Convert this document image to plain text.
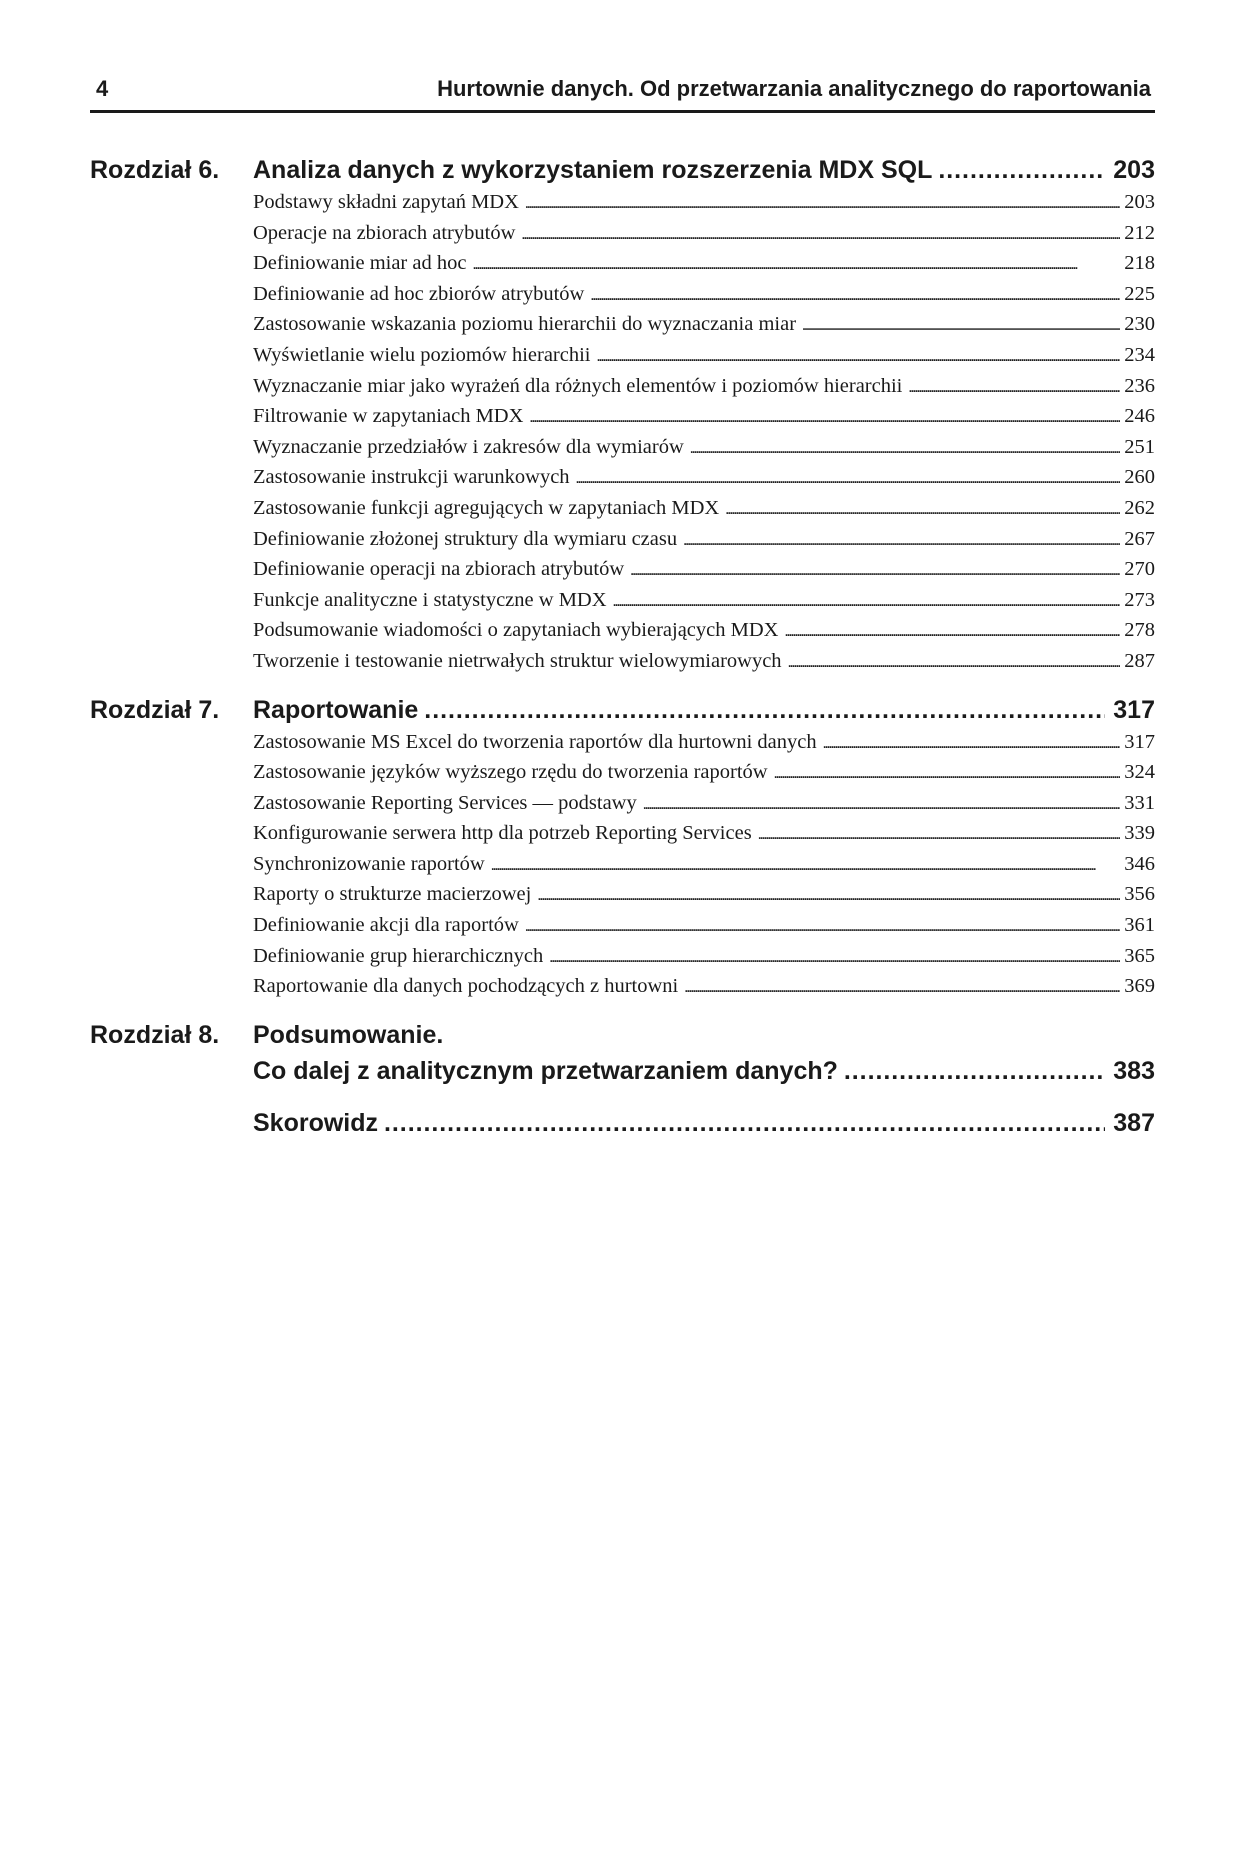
4	Hurtownie danych. Od przetwarzania analitycznego do raportowania
Rozdział 6.	Analiza danych z wykorzystaniem rozszerzenia MDX SQL . . .	203
Podstawy składni zapytań MDX . . .	203
Operacje na zbiorach atrybutów . . .	212
Definiowanie miar ad hoc . . .	218
Definiowanie ad hoc zbiorów atrybutów . . .	225
Zastosowanie wskazania poziomu hierarchii do wyznaczania miar . . .	230
Wyświetlanie wielu poziomów hierarchii . . .	234
Wyznaczanie miar jako wyrażeń dla różnych elementów i poziomów hierarchii . . .	236
Filtrowanie w zapytaniach MDX . . .	246
Wyznaczanie przedziałów i zakresów dla wymiarów . . .	251
Zastosowanie instrukcji warunkowych . . .	260
Zastosowanie funkcji agregujących w zapytaniach MDX . . .	262
Definiowanie złożonej struktury dla wymiaru czasu . . .	267
Definiowanie operacji na zbiorach atrybutów . . .	270
Funkcje analityczne i statystyczne w MDX . . .	273
Podsumowanie wiadomości o zapytaniach wybierających MDX . . .	278
Tworzenie i testowanie nietrwałych struktur wielowymiarowych . . .	287
Rozdział 7.	Raportowanie . . .	317
Zastosowanie MS Excel do tworzenia raportów dla hurtowni danych . . .	317
Zastosowanie języków wyższego rzędu do tworzenia raportów . . .	324
Zastosowanie Reporting Services — podstawy . . .	331
Konfigurowanie serwera http dla potrzeb Reporting Services . . .	339
Synchronizowanie raportów . . .	346
Raporty o strukturze macierzowej . . .	356
Definiowanie akcji dla raportów . . .	361
Definiowanie grup hierarchicznych . . .	365
Raportowanie dla danych pochodzących z hurtowni . . .	369
Rozdział 8.	Podsumowanie.
Co dalej z analitycznym przetwarzaniem danych? . . .	383
Skorowidz . . .	387
